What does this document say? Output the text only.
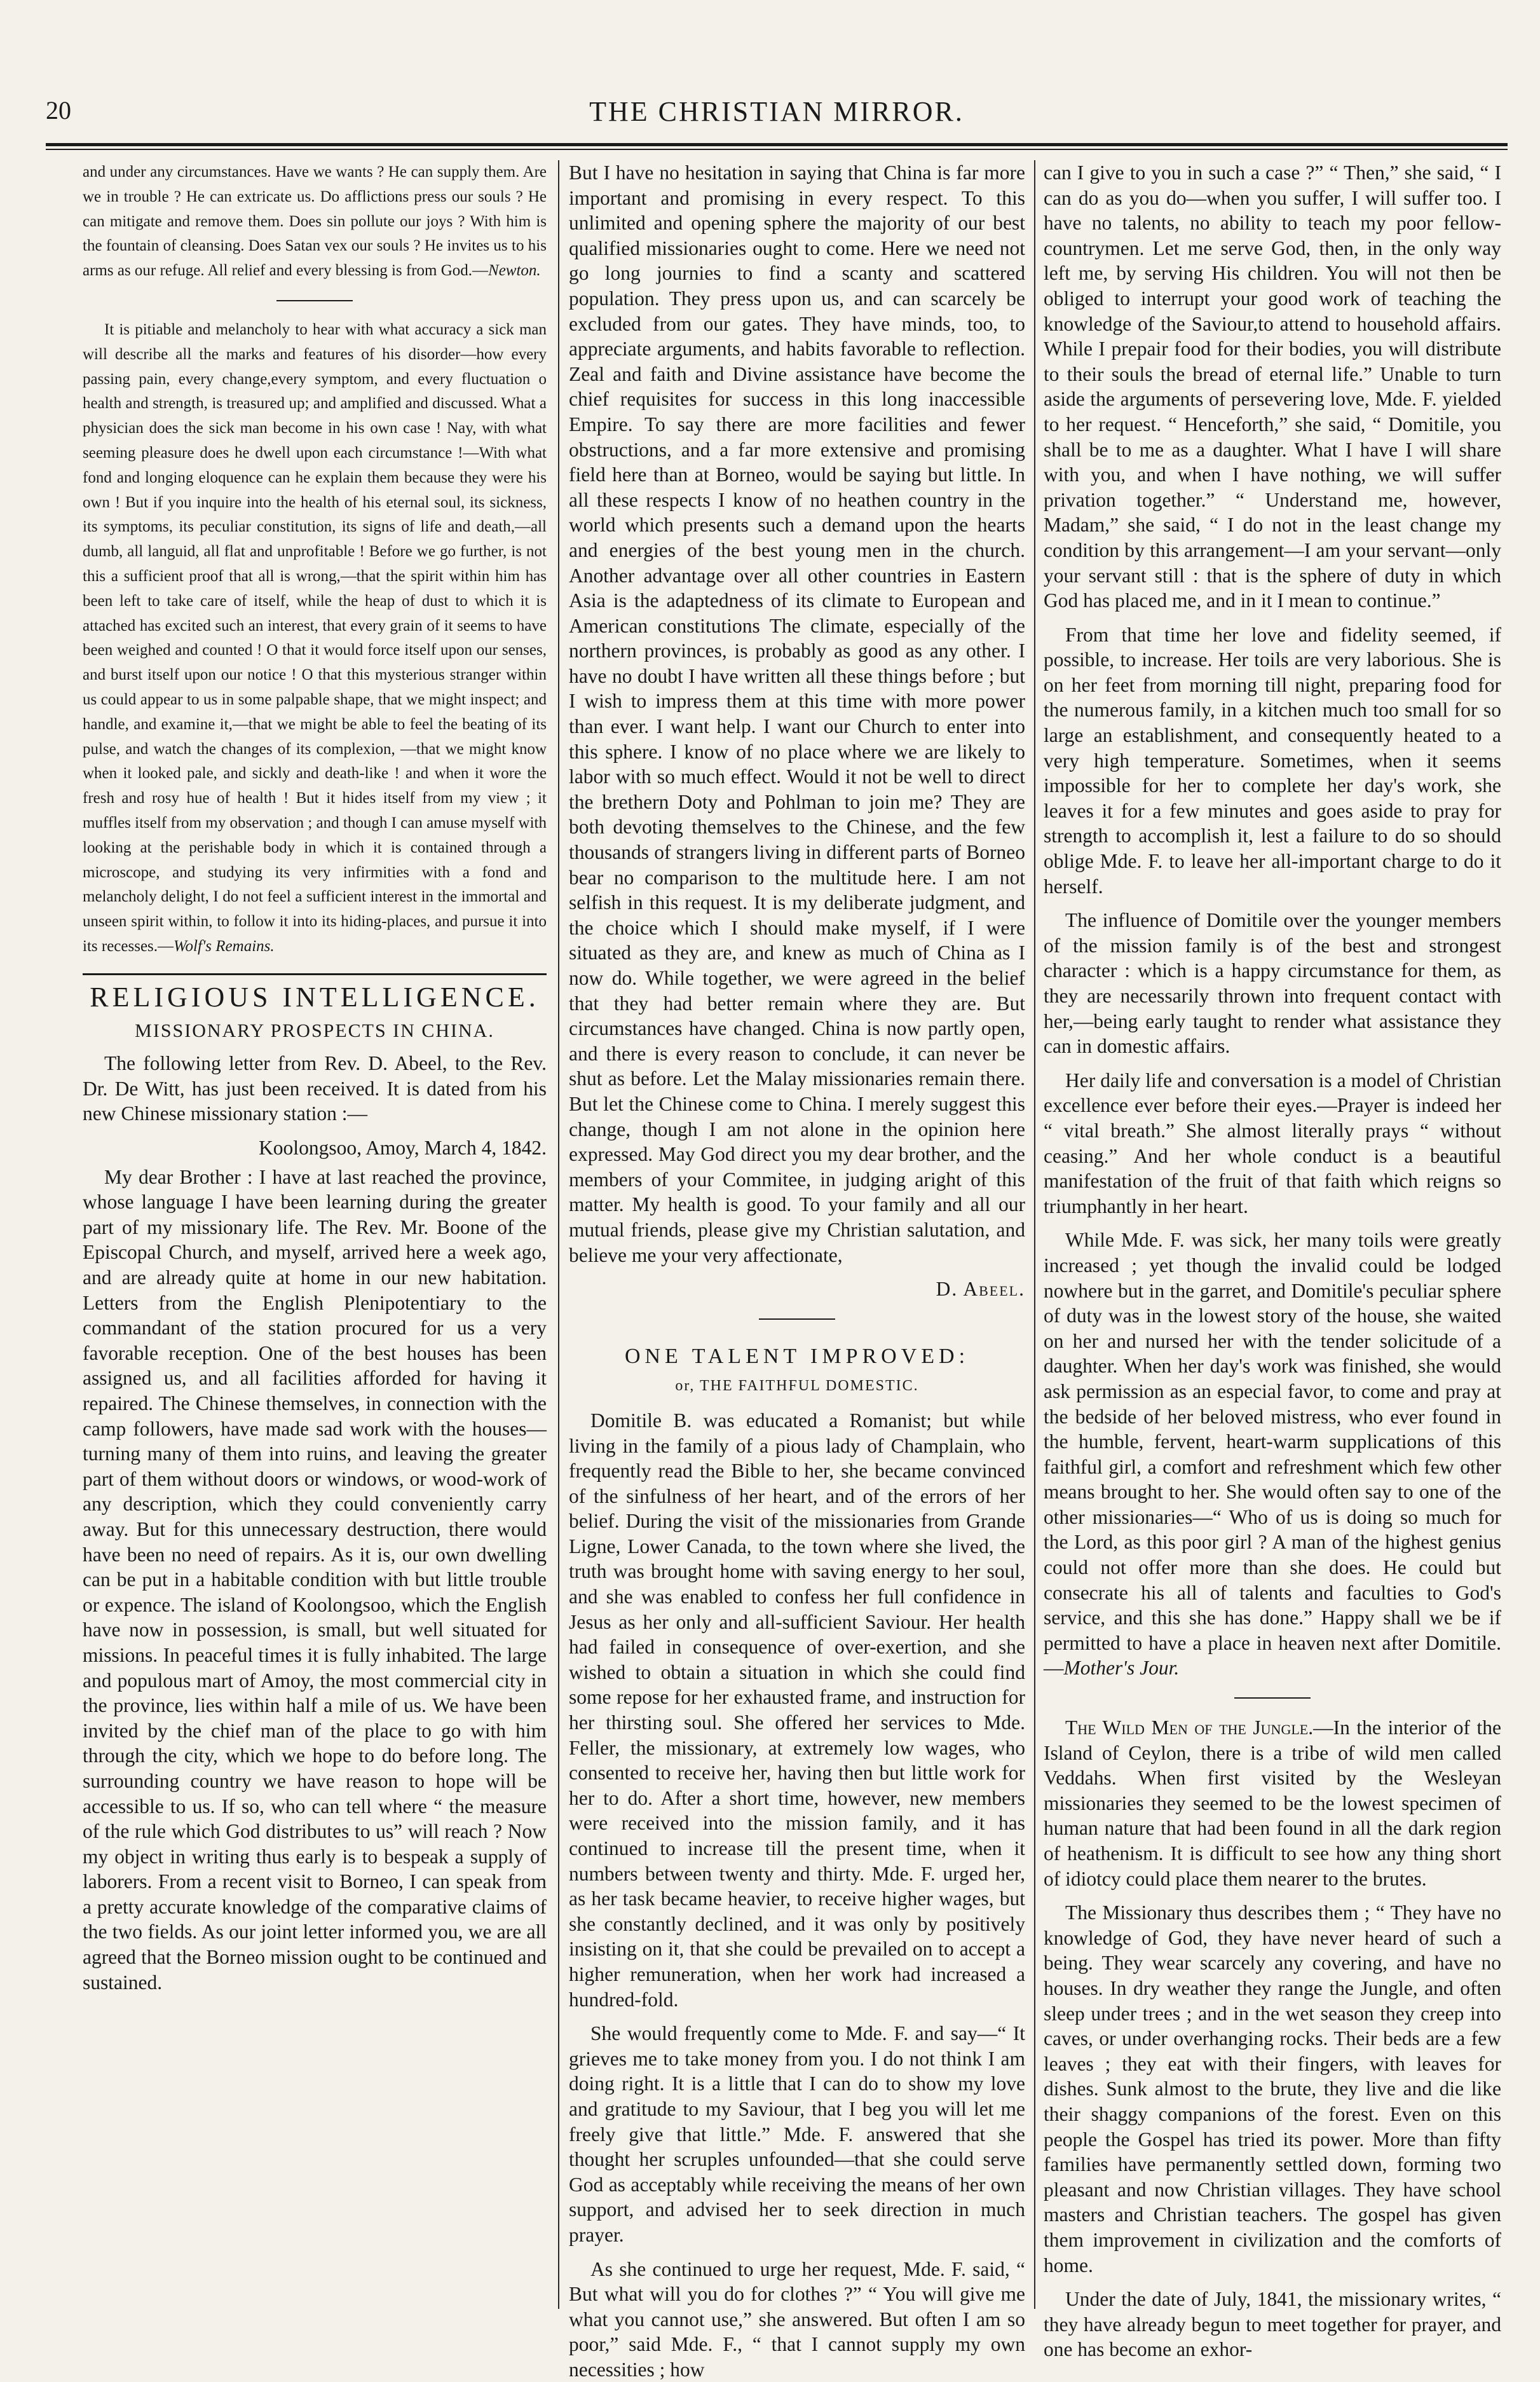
20	THE CHRISTIAN MIRROR.

and under any circumstances. Have we wants ? He can supply them. Are we in trouble ? He can extricate us. Do afflictions press our souls ? He can mitigate and remove them. Does sin pollute our joys ? With him is the fountain of cleansing. Does Satan vex our souls ? He invites us to his arms as our refuge. All relief and every blessing is from God.—Newton.

It is pitiable and melancholy to hear with what accuracy a sick man will describe all the marks and features of his disorder—how every passing pain, every change,every symptom, and every fluctuation o health and strength, is treasured up; and amplified and discussed. What a physician does the sick man become in his own case ! Nay, with what seeming pleasure does he dwell upon each circumstance !—With what fond and longing eloquence can he explain them because they were his own ! But if you inquire into the health of his eternal soul, its sickness, its symptoms, its peculiar constitution, its signs of life and death,—all dumb, all languid, all flat and unprofitable ! Before we go further, is not this a sufficient proof that all is wrong,—that the spirit within him has been left to take care of itself, while the heap of dust to which it is attached has excited such an interest, that every grain of it seems to have been weighed and counted ! O that it would force itself upon our senses, and burst itself upon our notice ! O that this mysterious stranger within us could appear to us in some palpable shape, that we might inspect; and handle, and examine it,—that we might be able to feel the beating of its pulse, and watch the changes of its complexion, —that we might know when it looked pale, and sickly and death-like ! and when it wore the fresh and rosy hue of health ! But it hides itself from my view ; it muffles itself from my observation ; and though I can amuse myself with looking at the perishable body in which it is contained through a microscope, and studying its very infirmities with a fond and melancholy delight, I do not feel a sufficient interest in the immortal and unseen spirit within, to follow it into its hiding-places, and pursue it into its recesses.—Wolf's Remains.

RELIGIOUS INTELLIGENCE.
MISSIONARY PROSPECTS IN CHINA.

The following letter from Rev. D. Abeel, to the Rev. Dr. De Witt, has just been received. It is dated from his new Chinese missionary station :—

Koolongsoo, Amoy, March 4, 1842.

My dear Brother : I have at last reached the province, whose language I have been learning during the greater part of my missionary life. The Rev. Mr. Boone of the Episcopal Church, and myself, arrived here a week ago, and are already quite at home in our new habitation. Letters from the English Plenipotentiary to the commandant of the station procured for us a very favorable reception. One of the best houses has been assigned us, and all facilities afforded for having it repaired. The Chinese themselves, in connection with the camp followers, have made sad work with the houses—turning many of them into ruins, and leaving the greater part of them without doors or windows, or wood-work of any description, which they could conveniently carry away. But for this unnecessary destruction, there would have been no need of repairs. As it is, our own dwelling can be put in a habitable condition with but little trouble or expence. The island of Koolongsoo, which the English have now in possession, is small, but well situated for missions. In peaceful times it is fully inhabited. The large and populous mart of Amoy, the most commercial city in the province, lies within half a mile of us. We have been invited by the chief man of the place to go with him through the city, which we hope to do before long. The surrounding country we have reason to hope will be accessible to us. If so, who can tell where “ the measure of the rule which God distributes to us” will reach ? Now my object in writing thus early is to bespeak a supply of laborers. From a recent visit to Borneo, I can speak from a pretty accurate knowledge of the comparative claims of the two fields. As our joint letter informed you, we are all agreed that the Borneo mission ought to be continued and sustained.

But I have no hesitation in saying that China is far more important and promising in every respect. To this unlimited and opening sphere the majority of our best qualified missionaries ought to come. Here we need not go long journies to find a scanty and scattered population. They press upon us, and can scarcely be excluded from our gates. They have minds, too, to appreciate arguments, and habits favorable to reflection. Zeal and faith and Divine assistance have become the chief requisites for success in this long inaccessible Empire. To say there are more facilities and fewer obstructions, and a far more extensive and promising field here than at Borneo, would be saying but little. In all these respects I know of no heathen country in the world which presents such a demand upon the hearts and energies of the best young men in the church. Another advantage over all other countries in Eastern Asia is the adaptedness of its climate to European and American constitutions The climate, especially of the northern provinces, is probably as good as any other. I have no doubt I have written all these things before ; but I wish to impress them at this time with more power than ever. I want help. I want our Church to enter into this sphere. I know of no place where we are likely to labor with so much effect. Would it not be well to direct the brethern Doty and Pohlman to join me? They are both devoting themselves to the Chinese, and the few thousands of strangers living in different parts of Borneo bear no comparison to the multitude here. I am not selfish in this request. It is my deliberate judgment, and the choice which I should make myself, if I were situated as they are, and knew as much of China as I now do. While together, we were agreed in the belief that they had better remain where they are. But circumstances have changed. China is now partly open, and there is every reason to conclude, it can never be shut as before. Let the Malay missionaries remain there. But let the Chinese come to China. I merely suggest this change, though I am not alone in the opinion here expressed. May God direct you my dear brother, and the members of your Commitee, in judging aright of this matter. My health is good. To your family and all our mutual friends, please give my Christian salutation, and believe me your very affectionate,

D. Abeel.
ONE TALENT IMPROVED:
or, THE FAITHFUL DOMESTIC.

Domitile B. was educated a Romanist; but while living in the family of a pious lady of Champlain, who frequently read the Bible to her, she became convinced of the sinfulness of her heart, and of the errors of her belief. During the visit of the missionaries from Grande Ligne, Lower Canada, to the town where she lived, the truth was brought home with saving energy to her soul, and she was enabled to confess her full confidence in Jesus as her only and all-sufficient Saviour. Her health had failed in consequence of over-exertion, and she wished to obtain a situation in which she could find some repose for her exhausted frame, and instruction for her thirsting soul. She offered her services to Mde. Feller, the missionary, at extremely low wages, who consented to receive her, having then but little work for her to do. After a short time, however, new members were received into the mission family, and it has continued to increase till the present time, when it numbers between twenty and thirty. Mde. F. urged her, as her task became heavier, to receive higher wages, but she constantly declined, and it was only by positively insisting on it, that she could be prevailed on to accept a higher remuneration, when her work had increased a hundred-fold.

She would frequently come to Mde. F. and say—“ It grieves me to take money from you. I do not think I am doing right. It is a little that I can do to show my love and gratitude to my Saviour, that I beg you will let me freely give that little.” Mde. F. answered that she thought her scruples unfounded—that she could serve God as acceptably while receiving the means of her own support, and advised her to seek direction in much prayer.

As she continued to urge her request, Mde. F. said, “ But what will you do for clothes ?” “ You will give me what you cannot use,” she answered. But often I am so poor,” said Mde. F., “ that I cannot supply my own necessities ; how

can I give to you in such a case ?” “ Then,” she said, “ I can do as you do—when you suffer, I will suffer too. I have no talents, no ability to teach my poor fellow-countrymen. Let me serve God, then, in the only way left me, by serving His children. You will not then be obliged to interrupt your good work of teaching the knowledge of the Saviour,to attend to household affairs. While I prepair food for their bodies, you will distribute to their souls the bread of eternal life.” Unable to turn aside the arguments of persevering love, Mde. F. yielded to her request. “ Henceforth,” she said, “ Domitile, you shall be to me as a daughter. What I have I will share with you, and when I have nothing, we will suffer privation together.” “ Understand me, however, Madam,” she said, “ I do not in the least change my condition by this arrangement—I am your servant—only your servant still : that is the sphere of duty in which God has placed me, and in it I mean to continue.”

From that time her love and fidelity seemed, if possible, to increase. Her toils are very laborious. She is on her feet from morning till night, preparing food for the numerous family, in a kitchen much too small for so large an establishment, and consequently heated to a very high temperature. Sometimes, when it seems impossible for her to complete her day's work, she leaves it for a few minutes and goes aside to pray for strength to accomplish it, lest a failure to do so should oblige Mde. F. to leave her all-important charge to do it herself.

The influence of Domitile over the younger members of the mission family is of the best and strongest character : which is a happy circumstance for them, as they are necessarily thrown into frequent contact with her,—being early taught to render what assistance they can in domestic affairs.

Her daily life and conversation is a model of Christian excellence ever before their eyes.—Prayer is indeed her “ vital breath.” She almost literally prays “ without ceasing.” And her whole conduct is a beautiful manifestation of the fruit of that faith which reigns so triumphantly in her heart.

While Mde. F. was sick, her many toils were greatly increased ; yet though the invalid could be lodged nowhere but in the garret, and Domitile's peculiar sphere of duty was in the lowest story of the house, she waited on her and nursed her with the tender solicitude of a daughter. When her day's work was finished, she would ask permission as an especial favor, to come and pray at the bedside of her beloved mistress, who ever found in the humble, fervent, heart-warm supplications of this faithful girl, a comfort and refreshment which few other means brought to her. She would often say to one of the other missionaries—“ Who of us is doing so much for the Lord, as this poor girl ? A man of the highest genius could not offer more than she does. He could but consecrate his all of talents and faculties to God's service, and this she has done.” Happy shall we be if permitted to have a place in heaven next after Domitile.—Mother's Jour.

The Wild Men of the Jungle.—In the interior of the Island of Ceylon, there is a tribe of wild men called Veddahs. When first visited by the Wesleyan missionaries they seemed to be the lowest specimen of human nature that had been found in all the dark region of heathenism. It is difficult to see how any thing short of idiotcy could place them nearer to the brutes.

The Missionary thus describes them ; “ They have no knowledge of God, they have never heard of such a being. They wear scarcely any covering, and have no houses. In dry weather they range the Jungle, and often sleep under trees ; and in the wet season they creep into caves, or under overhanging rocks. Their beds are a few leaves ; they eat with their fingers, with leaves for dishes. Sunk almost to the brute, they live and die like their shaggy companions of the forest. Even on this people the Gospel has tried its power. More than fifty families have permanently settled down, forming two pleasant and now Christian villages. They have school masters and Christian teachers. The gospel has given them improvement in civilization and the comforts of home.

Under the date of July, 1841, the missionary writes, “ they have already begun to meet together for prayer, and one has become an exhor-
